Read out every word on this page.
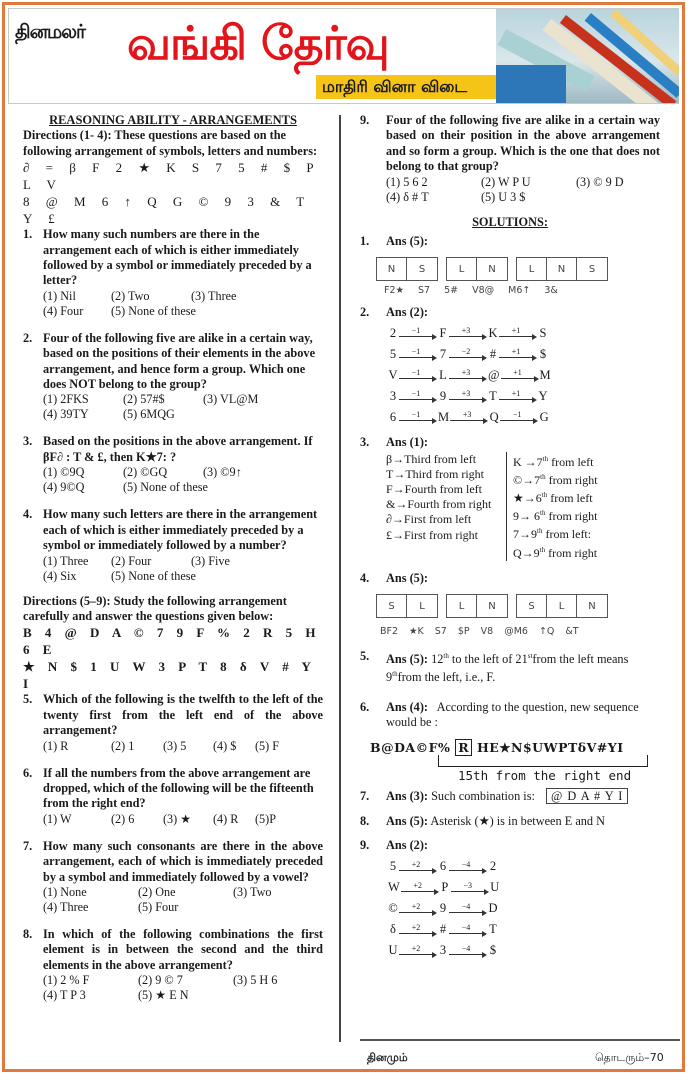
தினமலர் வங்கி தேர்வு
மாதிரி வினா விடை
REASONING ABILITY - ARRANGEMENTS
Directions (1- 4): These questions are based on the following arrangement of symbols, letters and numbers:
∂ = β F 2 ★ K S 7 5 # $ P L V
8 @ M 6 ↑ Q G © 9 3 & T Y £
1. How many such numbers are there in the arrangement each of which is either immediately followed by a symbol or immediately preceded by a letter?
(1) Nil	(2) Two	(3) Three
(4) Four	(5) None of these
2. Four of the following five are alike in a certain way, based on the positions of their elements in the above arrangement, and hence form a group. Which one does NOT belong to the group?
(1) 2FKS	(2) 57#$	(3) VL@M
(4) 39TY	(5) 6MQG
3. Based on the positions in the above arrangement. If βF∂ : T & £, then K★7: ?
(1) ©9Q	(2) ©GQ	(3) ©9↑
(4) 9©Q	(5) None of these
4. How many such letters are there in the arrangement each of which is either immediately preceded by a symbol or immediately followed by a number?
(1) Three	(2) Four	(3) Five
(4) Six	(5) None of these
Directions (5–9): Study the following arrangement carefully and answer the questions given below:
B 4 @ D A © 7 9 F % 2 R 5 H 6 E
★ N $ 1 U W 3 P T 8 δ V # Y I
5. Which of the following is the twelfth to the left of the twenty first from the left end of the above arrangement?
(1) R	(2) 1	(3) 5	(4) $	(5) F
6. If all the numbers from the above arrangement are dropped, which of the following will be the fifteenth from the right end?
(1) W	(2) 6	(3) ★	(4) R	(5)P
7. How many such consonants are there in the above arrangement, each of which is immediately preceded by a symbol and immediately followed by a vowel?
(1) None	(2) One	(3) Two
(4) Three	(5) Four
8. In which of the following combinations the first element is in between the second and the third elements in the above arrangement?
(1) 2 % F	(2) 9 © 7	(3) 5 H 6
(4) T P 3	(5) ★ E N
9. Four of the following five are alike in a certain way based on their position in the above arrangement and so form a group. Which is the one that does not belong to that group?
(1) 5 6 2	(2) W P U	(3) © 9 D
(4) δ # T	(5) U 3 $
SOLUTIONS:
1. Ans (5):
N	S	L	N	L	N	S
F2★ S7 5# V8@ M6↑ 3&
2. Ans (2):
2	−1	F	+3	K	+1	S
5	−1	7	−2	#	+1	$
V	−1	L	+3	@	+1	M
3	−1	9	+3	T	+1	Y
6	−1	M	+3	Q	−1	G
3. Ans (1):
β→Third from left
T→Third from right
F→Fourth from left
&→Fourth from right
∂→First from left
£→First from right
K →7th from left
©→7th from right
★→6th from left
9→ 6th from right
7→9th from left:
Q→9th from right
4. Ans (5):
S	L	L	N	S	L	N
BF2 ★K S7 $P V8 @M6 ↑Q &T
5. Ans (5): 12th to the left of 21stfrom the left means 9thfrom the left, i.e., F.
6. Ans (4): According to the question, new sequence would be :
B@DA©F% R HE★N$UWPTδV#YI
15th from the right end
7. Ans (3): Such combination is: @ D A # Y I
8. Ans (5): Asterisk (★) is in between E and N
9. Ans (2):
5	+2	6	−4	2
W	+2	P	−3	U
©	+2	9	−4	D
δ	+2	#	−4	T
U	+2	3	−4	$
தினமும்	தொடரும்–70
